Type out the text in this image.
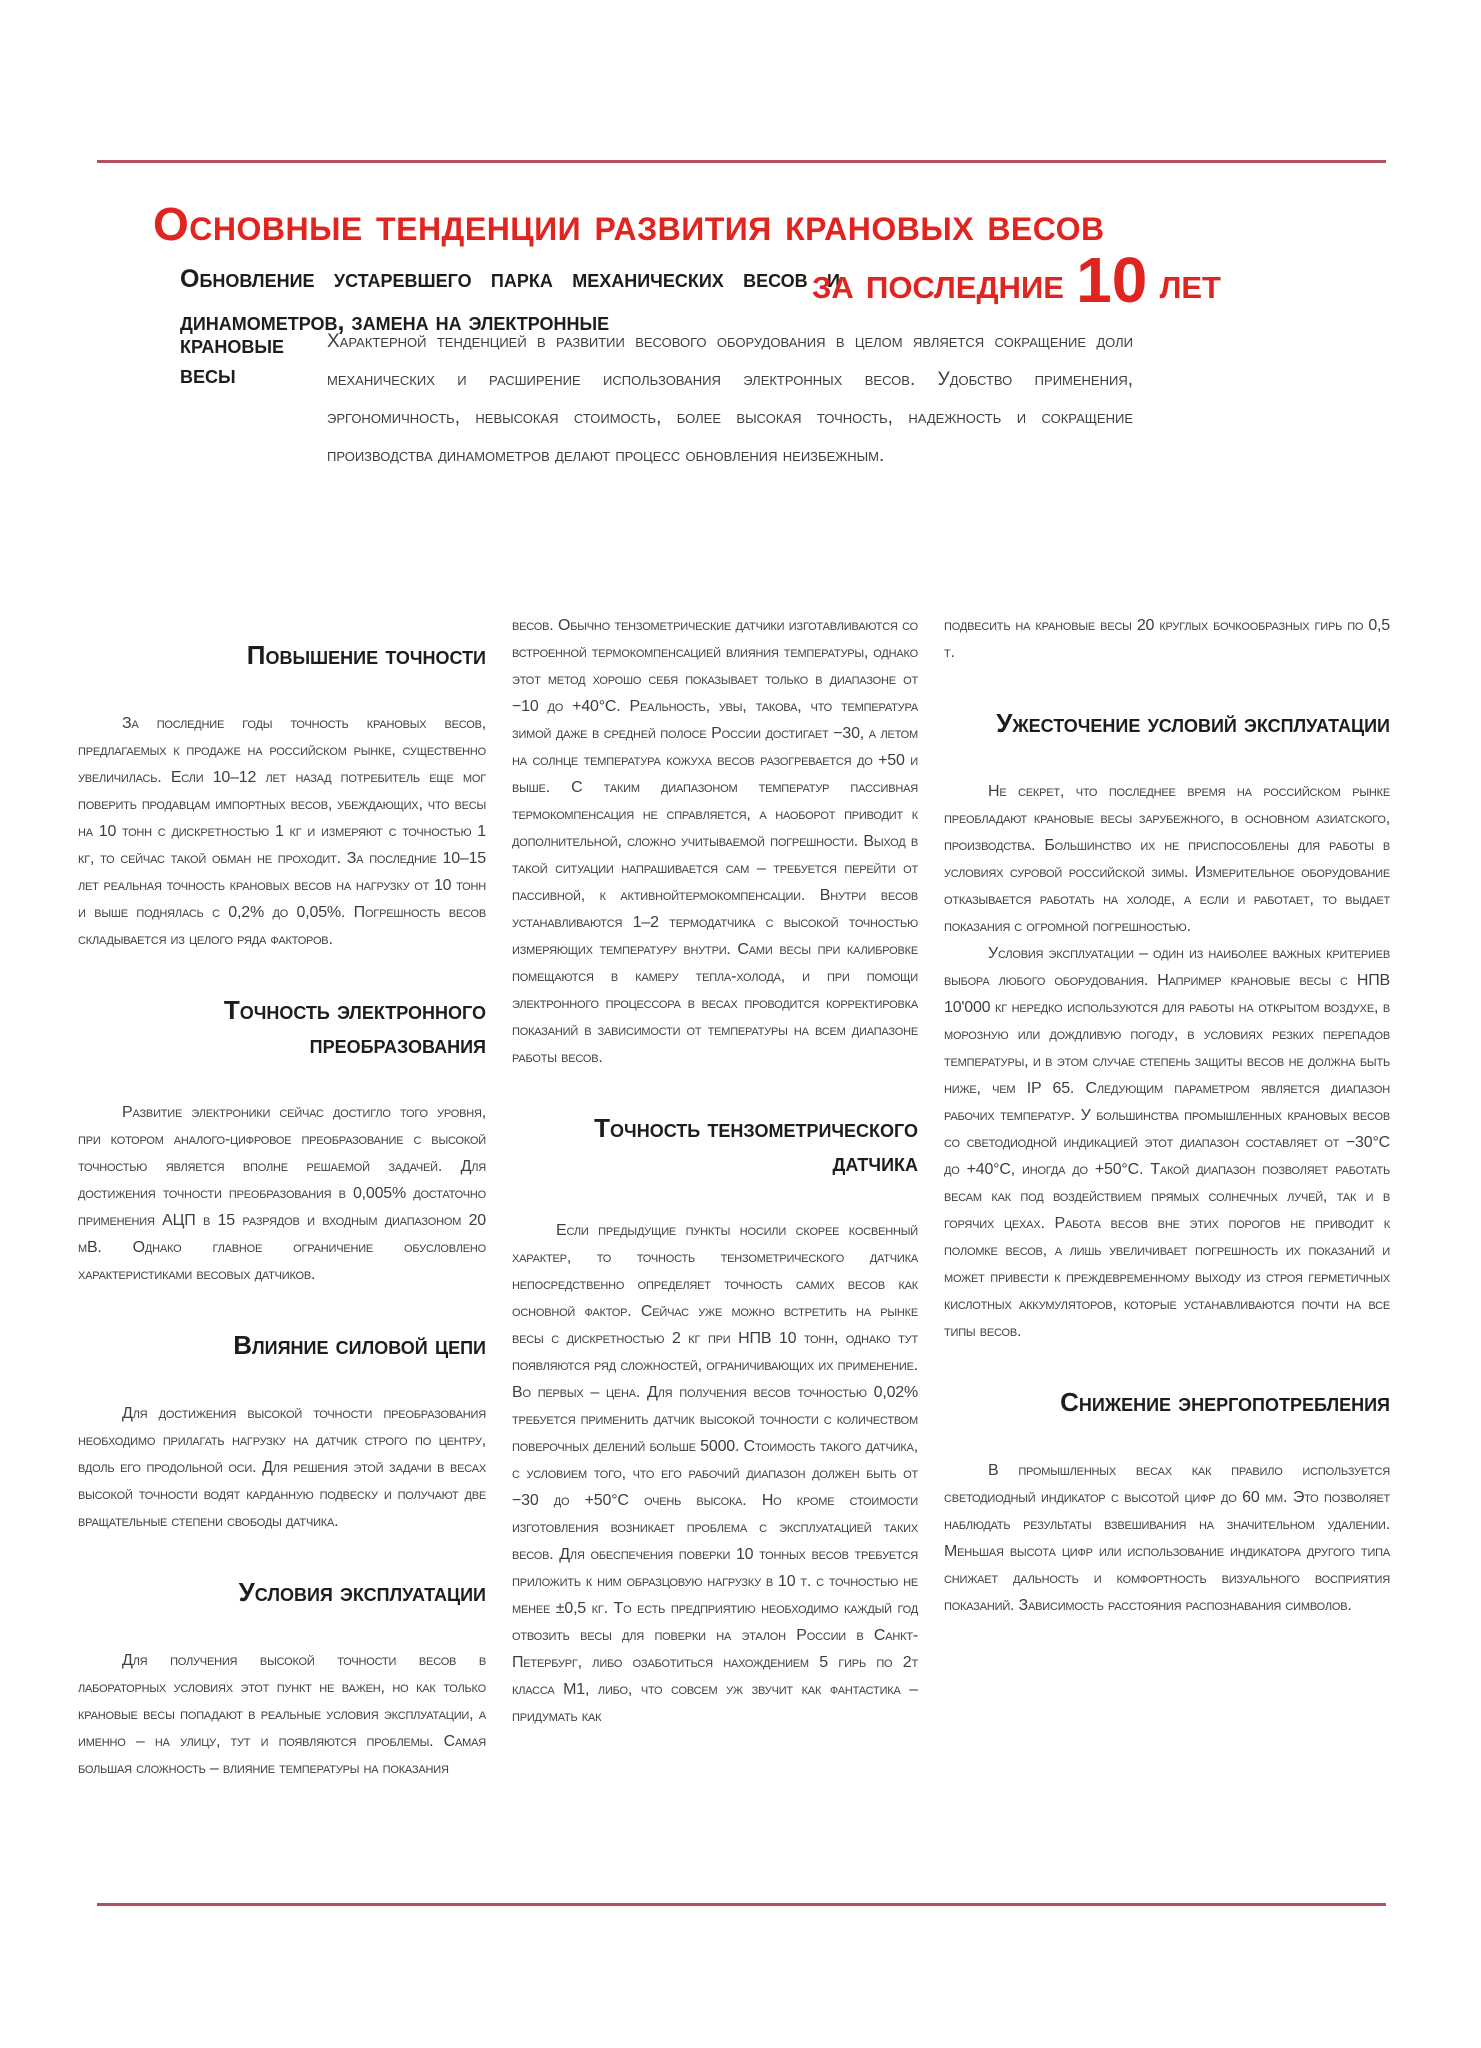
Основные тенденции развития крановых весов
Обновление устаревшего парка механических весов и динамометров, замена на электронные
за последние 10 лет
крановые весы
Характерной тенденцией в развитии весового оборудования в целом является сокращение доли механических и расширение использования электронных весов. Удобство применения, эргономичность, невысокая стоимость, более высокая точность, надежность и сокращение производства динамометров делают процесс обновления неизбежным.
Повышение точности

За последние годы точность крановых весов, предлагаемых к продаже на российском рынке, существенно увеличилась. Если 10–12 лет назад потребитель еще мог поверить продавцам импортных весов, убеждающих, что весы на 10 тонн с дискретностью 1 кг и измеряют с точностью 1 кг, то сейчас такой обман не проходит. За последние 10–15 лет реальная точность крановых весов на нагрузку от 10 тонн и выше поднялась с 0,2% до 0,05%. Погрешность весов складывается из целого ряда факторов.

Точность электронного преобразования

Развитие электроники сейчас достигло того уровня, при котором аналого-цифровое преобразование с высокой точностью является вполне решаемой задачей. Для достижения точности преобразования в 0,005% достаточно применения АЦП в 15 разрядов и входным диапазоном 20 мВ. Однако главное ограничение обусловлено характеристиками весовых датчиков.

Влияние силовой цепи

Для достижения высокой точности преобразования необходимо прилагать нагрузку на датчик строго по центру, вдоль его продольной оси. Для решения этой задачи в весах высокой точности водят карданную подвеску и получают две вращательные степени свободы датчика.

Условия эксплуатации

Для получения высокой точности весов в лабораторных условиях этот пункт не важен, но как только крановые весы попадают в реальные условия эксплуатации, а именно – на улицу, тут и появляются проблемы. Самая большая сложность – влияние температуры на показания

весов. Обычно тензометрические датчики изготавливаются со встроенной термокомпенсацией влияния температуры, однако этот метод хорошо себя показывает только в диапазоне от −10 до +40°С. Реальность, увы, такова, что температура зимой даже в средней полосе России достигает −30, а летом на солнце температура кожуха весов разогревается до +50 и выше. С таким диапазоном температур пассивная термокомпенсация не справляется, а наоборот приводит к дополнительной, сложно учитываемой погрешности. Выход в такой ситуации напрашивается сам – требуется перейти от пассивной, к активнойтермокомпенсации. Внутри весов устанавливаются 1–2 термодатчика с высокой точностью измеряющих температуру внутри. Сами весы при калибровке помещаются в камеру тепла-холода, и при помощи электронного процессора в весах проводится корректировка показаний в зависимости от температуры на всем диапазоне работы весов.

Точность тензометрического датчика

Если предыдущие пункты носили скорее косвенный характер, то точность тензометрического датчика непосредственно определяет точность самих весов как основной фактор. Сейчас уже можно встретить на рынке весы с дискретностью 2 кг при НПВ 10 тонн, однако тут появляются ряд сложностей, ограничивающих их применение. Во первых – цена. Для получения весов точностью 0,02% требуется применить датчик высокой точности с количеством поверочных делений больше 5000. Стоимость такого датчика, с условием того, что его рабочий диапазон должен быть от −30 до +50°С очень высока. Но кроме стоимости изготовления возникает проблема с эксплуатацией таких весов. Для обеспечения поверки 10 тонных весов требуется приложить к ним образцовую нагрузку в 10 т. с точностью не менее ±0,5 кг. То есть предприятию необходимо каждый год отвозить весы для поверки на эталон России в Санкт-Петербург, либо озаботиться нахождением 5 гирь по 2т класса М1, либо, что совсем уж звучит как фантастика – придумать как

подвесить на крановые весы 20 круглых бочкообразных гирь по 0,5 т.

Ужесточение условий эксплуатации

Не секрет, что последнее время на российском рынке преобладают крановые весы зарубежного, в основном азиатского, производства. Большинство их не приспособлены для работы в условиях суровой российской зимы. Измерительное оборудование отказывается работать на холоде, а если и работает, то выдает показания с огромной погрешностью.

Условия эксплуатации – один из наиболее важных критериев выбора любого оборудования. Например крановые весы с НПВ 10'000 кг нередко используются для работы на открытом воздухе, в морозную или дождливую погоду, в условиях резких перепадов температуры, и в этом случае степень защиты весов не должна быть ниже, чем IP 65. Следующим параметром является диапазон рабочих температур. У большинства промышленных крановых весов со светодиодной индикацией этот диапазон составляет от −30°С до +40°С, иногда до +50°С. Такой диапазон позволяет работать весам как под воздействием прямых солнечных лучей, так и в горячих цехах. Работа весов вне этих порогов не приводит к поломке весов, а лишь увеличивает погрешность их показаний и может привести к преждевременному выходу из строя герметичных кислотных аккумуляторов, которые устанавливаются почти на все типы весов.

Снижение энергопотребления

В промышленных весах как правило используется светодиодный индикатор с высотой цифр до 60 мм. Это позволяет наблюдать результаты взвешивания на значительном удалении. Меньшая высота цифр или использование индикатора другого типа снижает дальность и комфортность визуального восприятия показаний. Зависимость расстояния распознавания символов.
